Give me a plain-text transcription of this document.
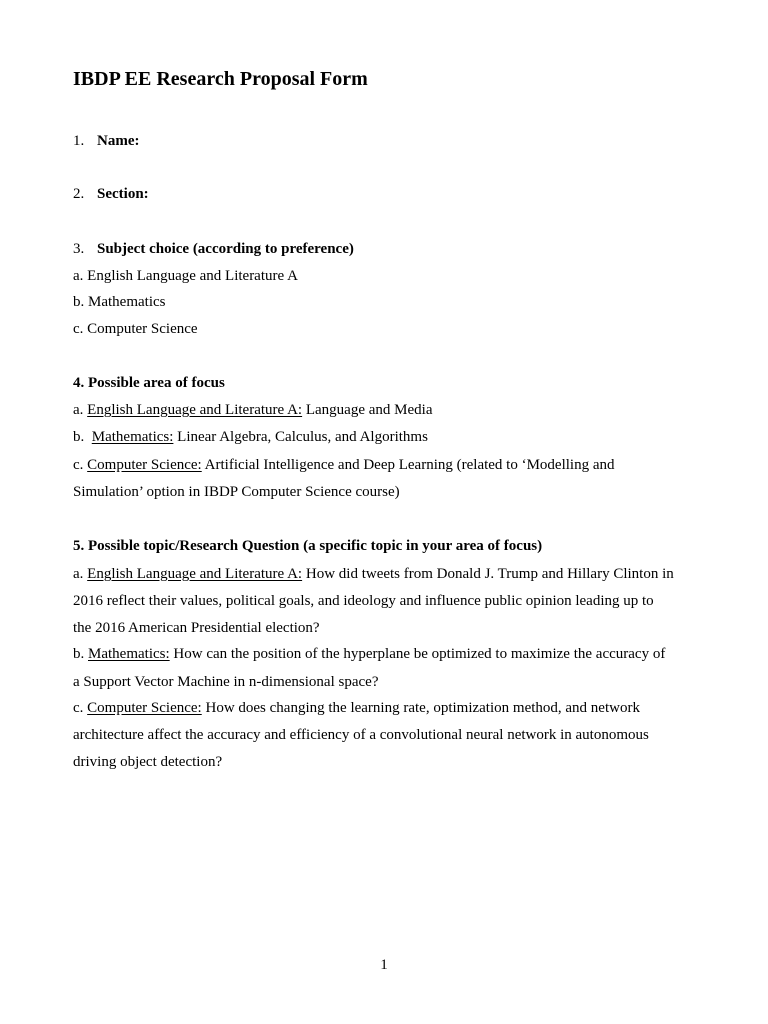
IBDP EE Research Proposal Form
1. Name:
2. Section:
3. Subject choice (according to preference)
a. English Language and Literature A
b. Mathematics
c. Computer Science
4. Possible area of focus
a. English Language and Literature A: Language and Media
b.  Mathematics: Linear Algebra, Calculus, and Algorithms
c. Computer Science: Artificial Intelligence and Deep Learning (related to ‘Modelling and
Simulation’ option in IBDP Computer Science course)
5. Possible topic/Research Question (a specific topic in your area of focus)
a. English Language and Literature A: How did tweets from Donald J. Trump and Hillary Clinton in
2016 reflect their values, political goals, and ideology and influence public opinion leading up to
the 2016 American Presidential election?
b. Mathematics: How can the position of the hyperplane be optimized to maximize the accuracy of
a Support Vector Machine in n-dimensional space?
c. Computer Science: How does changing the learning rate, optimization method, and network
architecture affect the accuracy and efficiency of a convolutional neural network in autonomous
driving object detection?
1
